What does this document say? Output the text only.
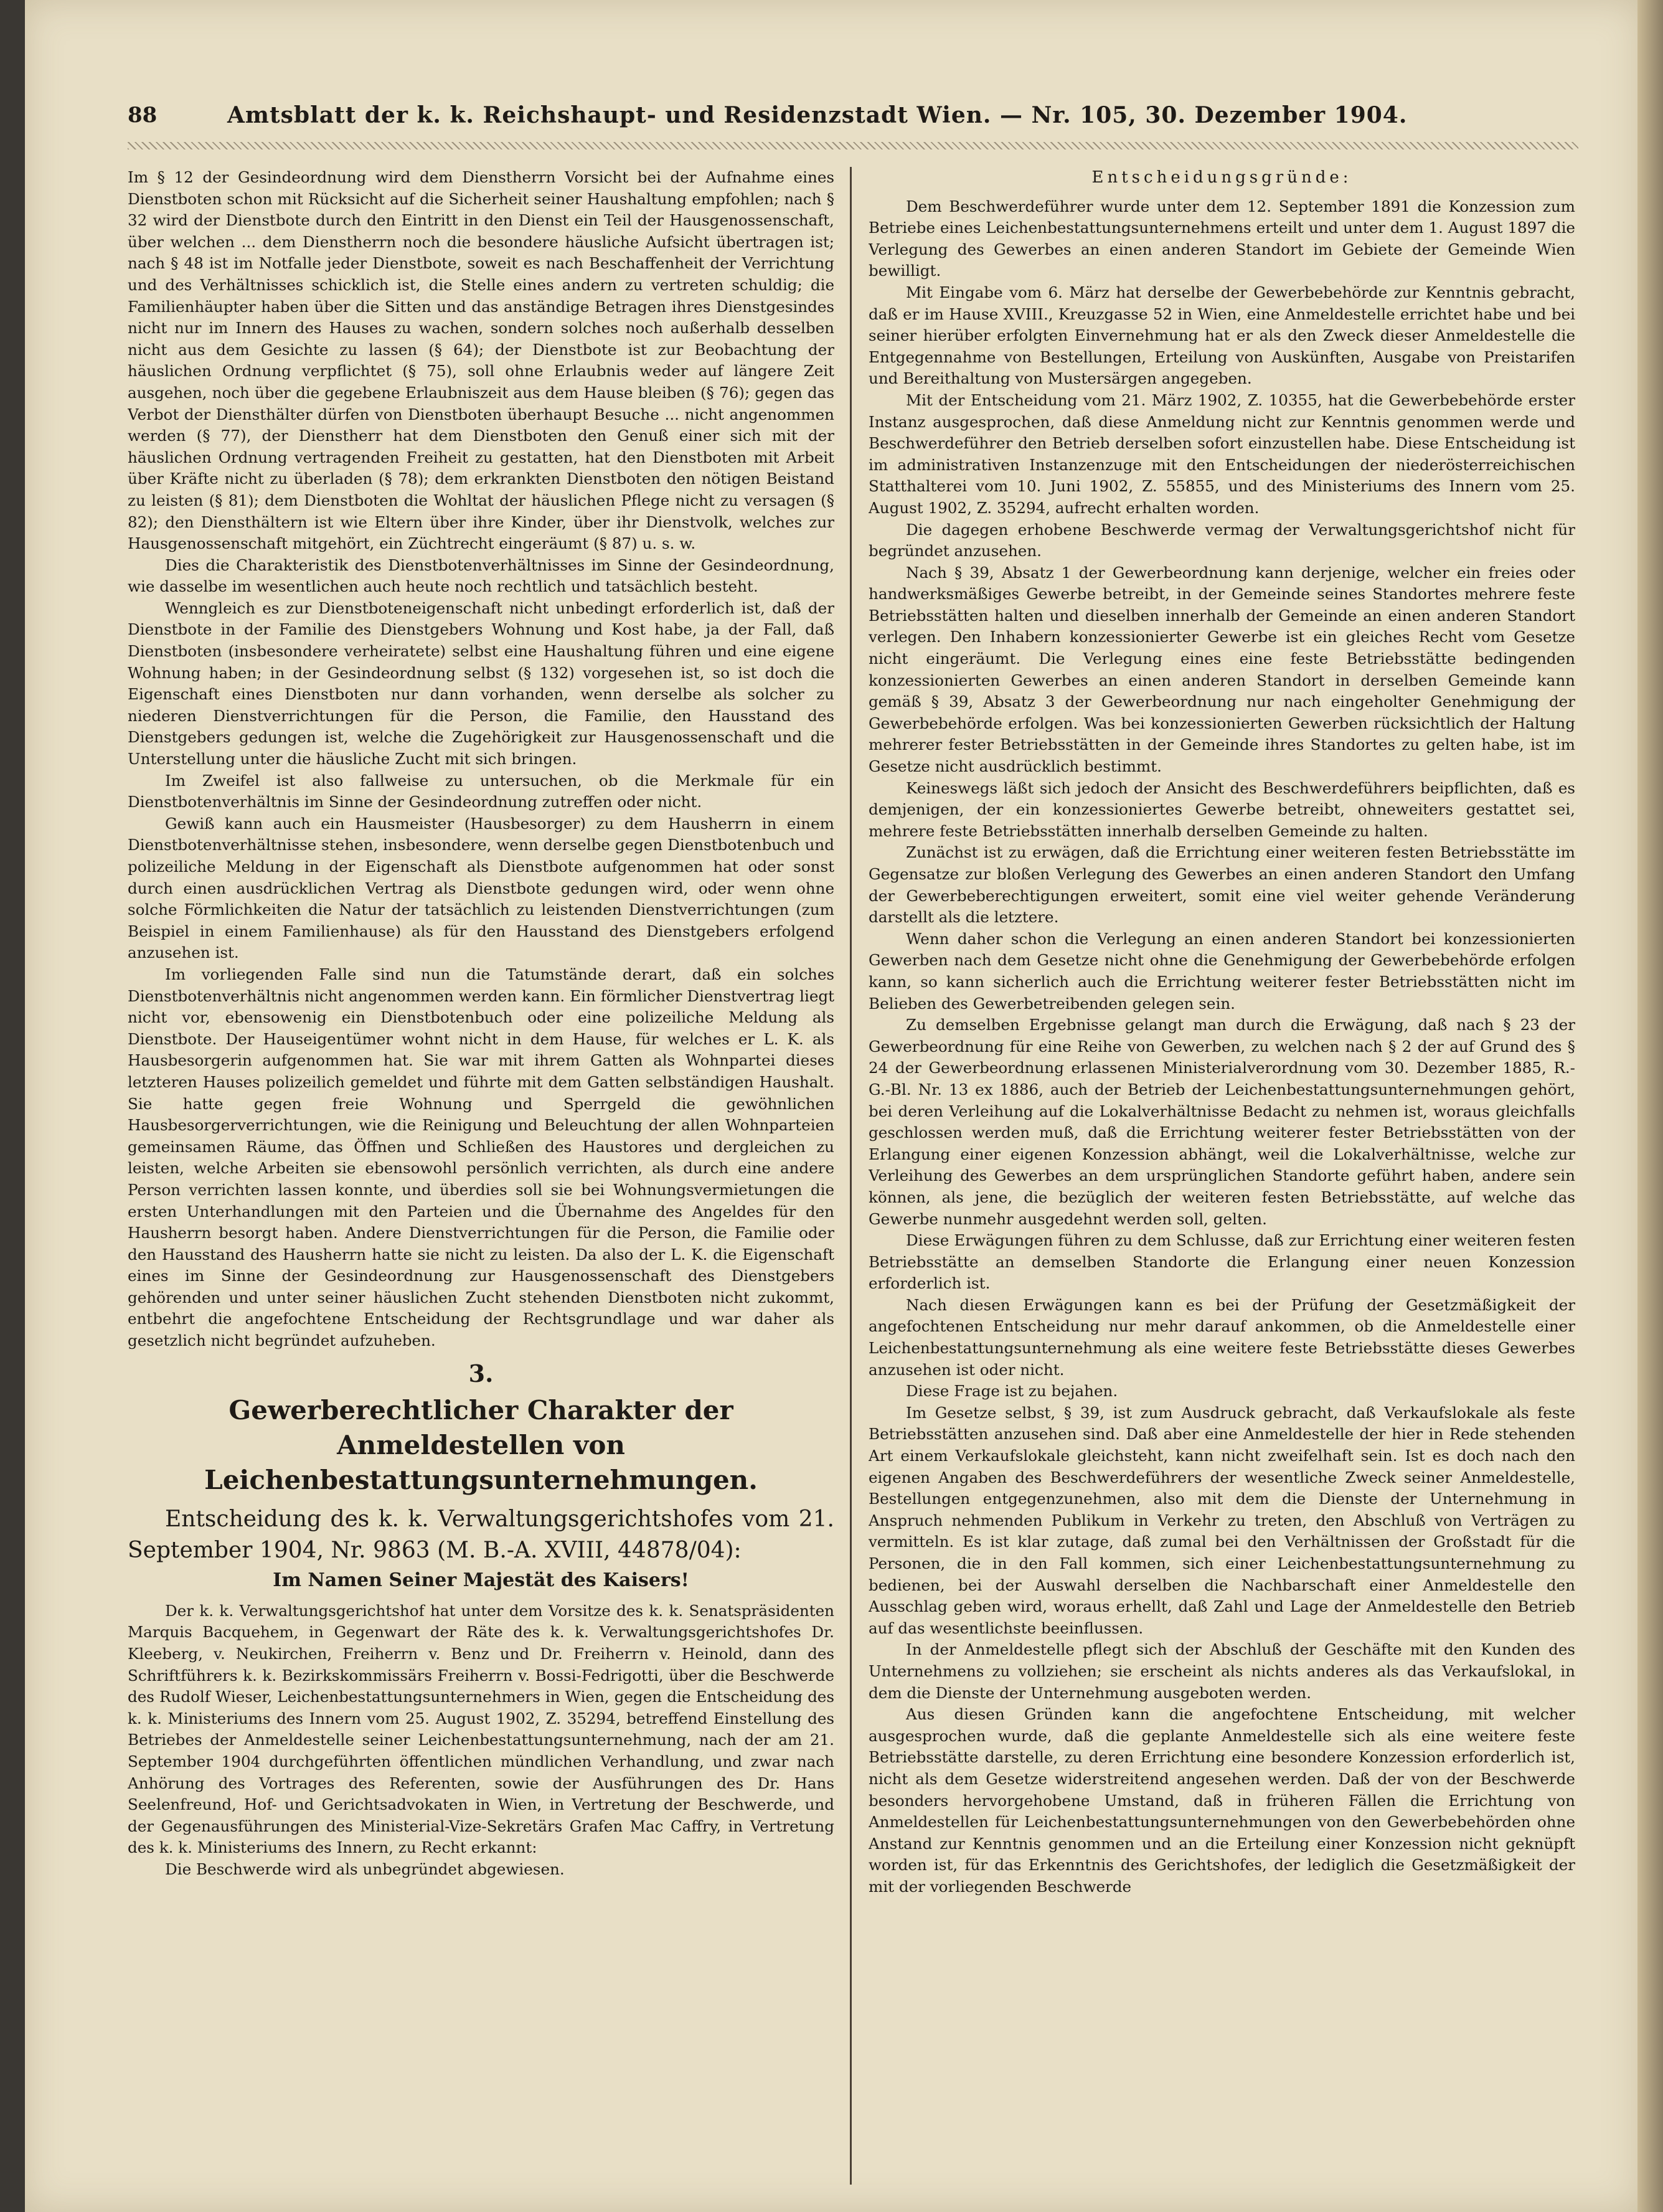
88	Amtsblatt der k. k. Reichshaupt- und Residenzstadt Wien. — Nr. 105, 30. Dezember 1904.

Im § 12 der Gesindeordnung wird dem Dienstherrn Vorsicht bei der Aufnahme eines Dienstboten schon mit Rücksicht auf die Sicherheit seiner Haushaltung empfohlen; nach § 32 wird der Dienstbote durch den Eintritt in den Dienst ein Teil der Hausgenossenschaft, über welchen ... dem Dienstherrn noch die besondere häusliche Aufsicht übertragen ist; nach § 48 ist im Notfalle jeder Dienstbote, soweit es nach Beschaffenheit der Verrichtung und des Verhältnisses schicklich ist, die Stelle eines andern zu vertreten schuldig; die Familienhäupter haben über die Sitten und das anständige Betragen ihres Dienstgesindes nicht nur im Innern des Hauses zu wachen, sondern solches noch außerhalb desselben nicht aus dem Gesichte zu lassen (§ 64); der Dienstbote ist zur Beobachtung der häuslichen Ordnung verpflichtet (§ 75), soll ohne Erlaubnis weder auf längere Zeit ausgehen, noch über die gegebene Erlaubniszeit aus dem Hause bleiben (§ 76); gegen das Verbot der Diensthälter dürfen von Dienstboten überhaupt Besuche ... nicht angenommen werden (§ 77), der Dienstherr hat dem Dienstboten den Genuß einer sich mit der häuslichen Ordnung vertragenden Freiheit zu gestatten, hat den Dienstboten mit Arbeit über Kräfte nicht zu überladen (§ 78); dem erkrankten Dienstboten den nötigen Beistand zu leisten (§ 81); dem Dienstboten die Wohltat der häuslichen Pflege nicht zu versagen (§ 82); den Diensthältern ist wie Eltern über ihre Kinder, über ihr Dienstvolk, welches zur Hausgenossenschaft mitgehört, ein Züchtrecht eingeräumt (§ 87) u. s. w.

Dies die Charakteristik des Dienstbotenverhältnisses im Sinne der Gesindeordnung, wie dasselbe im wesentlichen auch heute noch rechtlich und tatsächlich besteht.

Wenngleich es zur Dienstboteneigenschaft nicht unbedingt erforderlich ist, daß der Dienstbote in der Familie des Dienstgebers Wohnung und Kost habe, ja der Fall, daß Dienstboten (insbesondere verheiratete) selbst eine Haushaltung führen und eine eigene Wohnung haben; in der Gesindeordnung selbst (§ 132) vorgesehen ist, so ist doch die Eigenschaft eines Dienstboten nur dann vorhanden, wenn derselbe als solcher zu niederen Dienstverrichtungen für die Person, die Familie, den Hausstand des Dienstgebers gedungen ist, welche die Zugehörigkeit zur Hausgenossenschaft und die Unterstellung unter die häusliche Zucht mit sich bringen.

Im Zweifel ist also fallweise zu untersuchen, ob die Merkmale für ein Dienstbotenverhältnis im Sinne der Gesindeordnung zutreffen oder nicht.

Gewiß kann auch ein Hausmeister (Hausbesorger) zu dem Hausherrn in einem Dienstbotenverhältnisse stehen, insbesondere, wenn derselbe gegen Dienstbotenbuch und polizeiliche Meldung in der Eigenschaft als Dienstbote aufgenommen hat oder sonst durch einen ausdrücklichen Vertrag als Dienstbote gedungen wird, oder wenn ohne solche Förmlichkeiten die Natur der tatsächlich zu leistenden Dienstverrichtungen (zum Beispiel in einem Familienhause) als für den Hausstand des Dienstgebers erfolgend anzusehen ist.

Im vorliegenden Falle sind nun die Tatumstände derart, daß ein solches Dienstbotenverhältnis nicht angenommen werden kann. Ein förmlicher Dienstvertrag liegt nicht vor, ebensowenig ein Dienstbotenbuch oder eine polizeiliche Meldung als Dienstbote. Der Hauseigentümer wohnt nicht in dem Hause, für welches er L. K. als Hausbesorgerin aufgenommen hat. Sie war mit ihrem Gatten als Wohnpartei dieses letzteren Hauses polizeilich gemeldet und führte mit dem Gatten selbständigen Haushalt. Sie hatte gegen freie Wohnung und Sperrgeld die gewöhnlichen Hausbesorgerverrichtungen, wie die Reinigung und Beleuchtung der allen Wohnparteien gemeinsamen Räume, das Öffnen und Schließen des Haustores und dergleichen zu leisten, welche Arbeiten sie ebensowohl persönlich verrichten, als durch eine andere Person verrichten lassen konnte, und überdies soll sie bei Wohnungsvermietungen die ersten Unterhandlungen mit den Parteien und die Übernahme des Angeldes für den Hausherrn besorgt haben. Andere Dienstverrichtungen für die Person, die Familie oder den Hausstand des Hausherrn hatte sie nicht zu leisten. Da also der L. K. die Eigenschaft eines im Sinne der Gesindeordnung zur Hausgenossenschaft des Dienstgebers gehörenden und unter seiner häuslichen Zucht stehenden Dienstboten nicht zukommt, entbehrt die angefochtene Entscheidung der Rechtsgrundlage und war daher als gesetzlich nicht begründet aufzuheben.

3.
Gewerberechtlicher Charakter der Anmeldestellen von Leichenbestattungsunternehmungen.

Entscheidung des k. k. Verwaltungsgerichtshofes vom 21. September 1904, Nr. 9863 (M. B.-A. XVIII, 44878/04):

Im Namen Seiner Majestät des Kaisers!

Der k. k. Verwaltungsgerichtshof hat unter dem Vorsitze des k. k. Senatspräsidenten Marquis Bacquehem, in Gegenwart der Räte des k. k. Verwaltungsgerichtshofes Dr. Kleeberg, v. Neukirchen, Freiherrn v. Benz und Dr. Freiherrn v. Heinold, dann des Schriftführers k. k. Bezirkskommissärs Freiherrn v. Bossi-Fedrigotti, über die Beschwerde des Rudolf Wieser, Leichenbestattungsunternehmers in Wien, gegen die Entscheidung des k. k. Ministeriums des Innern vom 25. August 1902, Z. 35294, betreffend Einstellung des Betriebes der Anmeldestelle seiner Leichenbestattungsunternehmung, nach der am 21. September 1904 durchgeführten öffentlichen mündlichen Verhandlung, und zwar nach Anhörung des Vortrages des Referenten, sowie der Ausführungen des Dr. Hans Seelenfreund, Hof- und Gerichtsadvokaten in Wien, in Vertretung der Beschwerde, und der Gegenausführungen des Ministerial-Vize-Sekretärs Grafen Mac Caffry, in Vertretung des k. k. Ministeriums des Innern, zu Recht erkannt:

Die Beschwerde wird als unbegründet abgewiesen.

Entscheidungsgründe:

Dem Beschwerdeführer wurde unter dem 12. September 1891 die Konzession zum Betriebe eines Leichenbestattungsunternehmens erteilt und unter dem 1. August 1897 die Verlegung des Gewerbes an einen anderen Standort im Gebiete der Gemeinde Wien bewilligt.

Mit Eingabe vom 6. März hat derselbe der Gewerbebehörde zur Kenntnis gebracht, daß er im Hause XVIII., Kreuzgasse 52 in Wien, eine Anmeldestelle errichtet habe und bei seiner hierüber erfolgten Einvernehmung hat er als den Zweck dieser Anmeldestelle die Entgegennahme von Bestellungen, Erteilung von Auskünften, Ausgabe von Preistarifen und Bereithaltung von Mustersärgen angegeben.

Mit der Entscheidung vom 21. März 1902, Z. 10355, hat die Gewerbebehörde erster Instanz ausgesprochen, daß diese Anmeldung nicht zur Kenntnis genommen werde und Beschwerdeführer den Betrieb derselben sofort einzustellen habe. Diese Entscheidung ist im administrativen Instanzenzuge mit den Entscheidungen der niederösterreichischen Statthalterei vom 10. Juni 1902, Z. 55855, und des Ministeriums des Innern vom 25. August 1902, Z. 35294, aufrecht erhalten worden.

Die dagegen erhobene Beschwerde vermag der Verwaltungsgerichtshof nicht für begründet anzusehen.

Nach § 39, Absatz 1 der Gewerbeordnung kann derjenige, welcher ein freies oder handwerksmäßiges Gewerbe betreibt, in der Gemeinde seines Standortes mehrere feste Betriebsstätten halten und dieselben innerhalb der Gemeinde an einen anderen Standort verlegen. Den Inhabern konzessionierter Gewerbe ist ein gleiches Recht vom Gesetze nicht eingeräumt. Die Verlegung eines eine feste Betriebsstätte bedingenden konzessionierten Gewerbes an einen anderen Standort in derselben Gemeinde kann gemäß § 39, Absatz 3 der Gewerbeordnung nur nach eingeholter Genehmigung der Gewerbebehörde erfolgen. Was bei konzessionierten Gewerben rücksichtlich der Haltung mehrerer fester Betriebsstätten in der Gemeinde ihres Standortes zu gelten habe, ist im Gesetze nicht ausdrücklich bestimmt.

Keineswegs läßt sich jedoch der Ansicht des Beschwerdeführers beipflichten, daß es demjenigen, der ein konzessioniertes Gewerbe betreibt, ohneweiters gestattet sei, mehrere feste Betriebsstätten innerhalb derselben Gemeinde zu halten.

Zunächst ist zu erwägen, daß die Errichtung einer weiteren festen Betriebsstätte im Gegensatze zur bloßen Verlegung des Gewerbes an einen anderen Standort den Umfang der Gewerbeberechtigungen erweitert, somit eine viel weiter gehende Veränderung darstellt als die letztere.

Wenn daher schon die Verlegung an einen anderen Standort bei konzessionierten Gewerben nach dem Gesetze nicht ohne die Genehmigung der Gewerbebehörde erfolgen kann, so kann sicherlich auch die Errichtung weiterer fester Betriebsstätten nicht im Belieben des Gewerbetreibenden gelegen sein.

Zu demselben Ergebnisse gelangt man durch die Erwägung, daß nach § 23 der Gewerbeordnung für eine Reihe von Gewerben, zu welchen nach § 2 der auf Grund des § 24 der Gewerbeordnung erlassenen Ministerialverordnung vom 30. Dezember 1885, R.-G.-Bl. Nr. 13 ex 1886, auch der Betrieb der Leichenbestattungsunternehmungen gehört, bei deren Verleihung auf die Lokalverhältnisse Bedacht zu nehmen ist, woraus gleichfalls geschlossen werden muß, daß die Errichtung weiterer fester Betriebsstätten von der Erlangung einer eigenen Konzession abhängt, weil die Lokalverhältnisse, welche zur Verleihung des Gewerbes an dem ursprünglichen Standorte geführt haben, andere sein können, als jene, die bezüglich der weiteren festen Betriebsstätte, auf welche das Gewerbe nunmehr ausgedehnt werden soll, gelten.

Diese Erwägungen führen zu dem Schlusse, daß zur Errichtung einer weiteren festen Betriebsstätte an demselben Standorte die Erlangung einer neuen Konzession erforderlich ist.

Nach diesen Erwägungen kann es bei der Prüfung der Gesetzmäßigkeit der angefochtenen Entscheidung nur mehr darauf ankommen, ob die Anmeldestelle einer Leichenbestattungsunternehmung als eine weitere feste Betriebsstätte dieses Gewerbes anzusehen ist oder nicht.

Diese Frage ist zu bejahen.

Im Gesetze selbst, § 39, ist zum Ausdruck gebracht, daß Verkaufslokale als feste Betriebsstätten anzusehen sind. Daß aber eine Anmeldestelle der hier in Rede stehenden Art einem Verkaufslokale gleichsteht, kann nicht zweifelhaft sein. Ist es doch nach den eigenen Angaben des Beschwerdeführers der wesentliche Zweck seiner Anmeldestelle, Bestellungen entgegenzunehmen, also mit dem die Dienste der Unternehmung in Anspruch nehmenden Publikum in Verkehr zu treten, den Abschluß von Verträgen zu vermitteln. Es ist klar zutage, daß zumal bei den Verhältnissen der Großstadt für die Personen, die in den Fall kommen, sich einer Leichenbestattungsunternehmung zu bedienen, bei der Auswahl derselben die Nachbarschaft einer Anmeldestelle den Ausschlag geben wird, woraus erhellt, daß Zahl und Lage der Anmeldestelle den Betrieb auf das wesentlichste beeinflussen.

In der Anmeldestelle pflegt sich der Abschluß der Geschäfte mit den Kunden des Unternehmens zu vollziehen; sie erscheint als nichts anderes als das Verkaufslokal, in dem die Dienste der Unternehmung ausgeboten werden.

Aus diesen Gründen kann die angefochtene Entscheidung, mit welcher ausgesprochen wurde, daß die geplante Anmeldestelle sich als eine weitere feste Betriebsstätte darstelle, zu deren Errichtung eine besondere Konzession erforderlich ist, nicht als dem Gesetze widerstreitend angesehen werden. Daß der von der Beschwerde besonders hervorgehobene Umstand, daß in früheren Fällen die Errichtung von Anmeldestellen für Leichenbestattungsunternehmungen von den Gewerbebehörden ohne Anstand zur Kenntnis genommen und an die Erteilung einer Konzession nicht geknüpft worden ist, für das Erkenntnis des Gerichtshofes, der lediglich die Gesetzmäßigkeit der mit der vorliegenden Beschwerde
